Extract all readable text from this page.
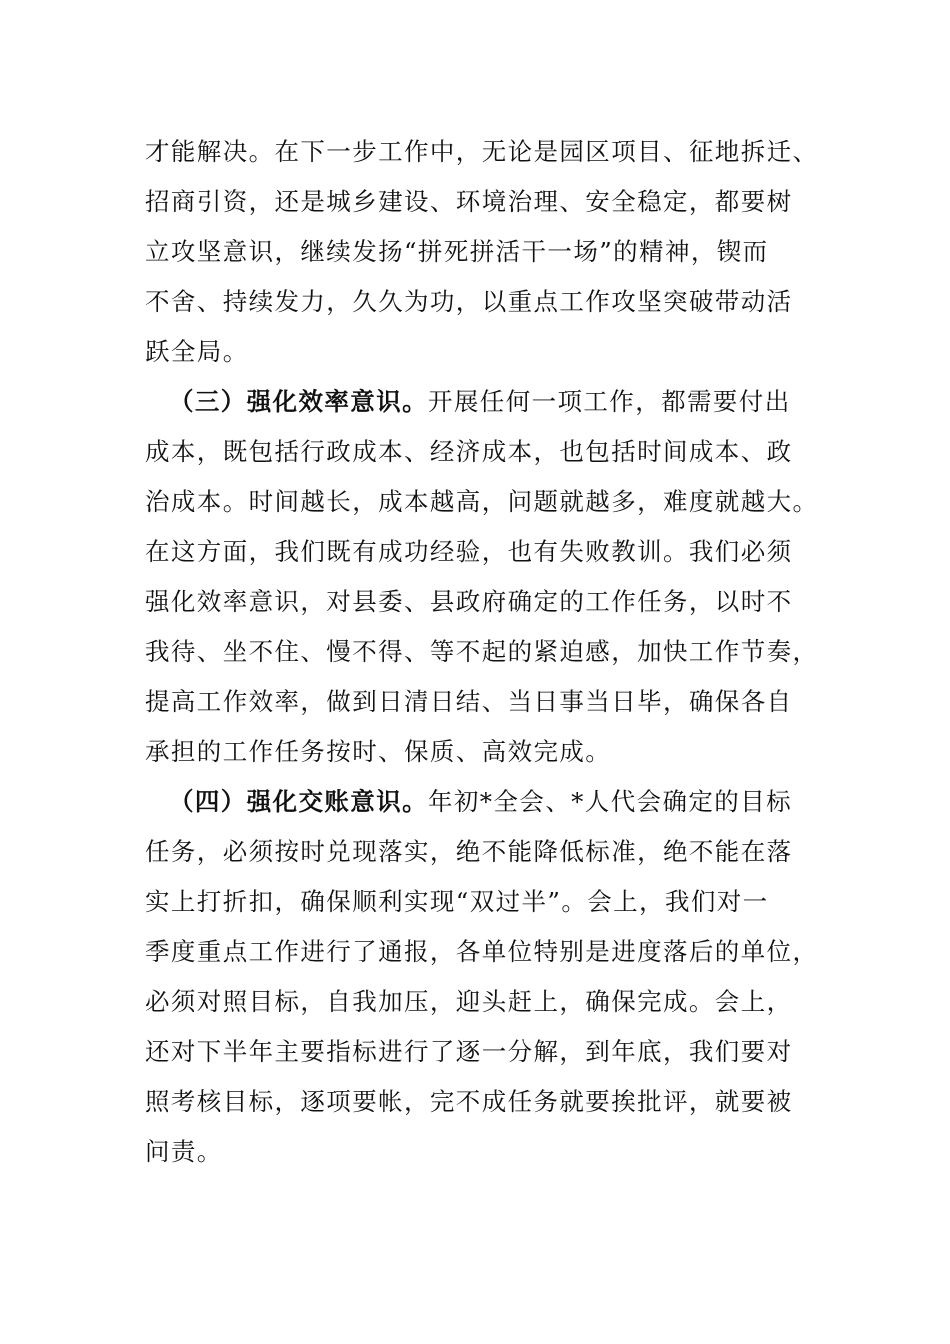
才能解决。在下一步工作中，无论是园区项目、征地拆迁、
招商引资，还是城乡建设、环境治理、安全稳定，都要树
立攻坚意识，继续发扬“拼死拼活干一场”的精神，锲而
不舍、持续发力，久久为功，以重点工作攻坚突破带动活
跃全局。
（三）强化效率意识。开展任何一项工作，都需要付出
成本，既包括行政成本、经济成本，也包括时间成本、政
治成本。时间越长，成本越高，问题就越多，难度就越大。
在这方面，我们既有成功经验，也有失败教训。我们必须
强化效率意识，对县委、县政府确定的工作任务，以时不
我待、坐不住、慢不得、等不起的紧迫感，加快工作节奏，
提高工作效率，做到日清日结、当日事当日毕，确保各自
承担的工作任务按时、保质、高效完成。
（四）强化交账意识。年初*全会、*人代会确定的目标
任务，必须按时兑现落实，绝不能降低标准，绝不能在落
实上打折扣，确保顺利实现“双过半”。会上，我们对一
季度重点工作进行了通报，各单位特别是进度落后的单位，
必须对照目标，自我加压，迎头赶上，确保完成。会上，
还对下半年主要指标进行了逐一分解，到年底，我们要对
照考核目标，逐项要帐，完不成任务就要挨批评，就要被
问责。
